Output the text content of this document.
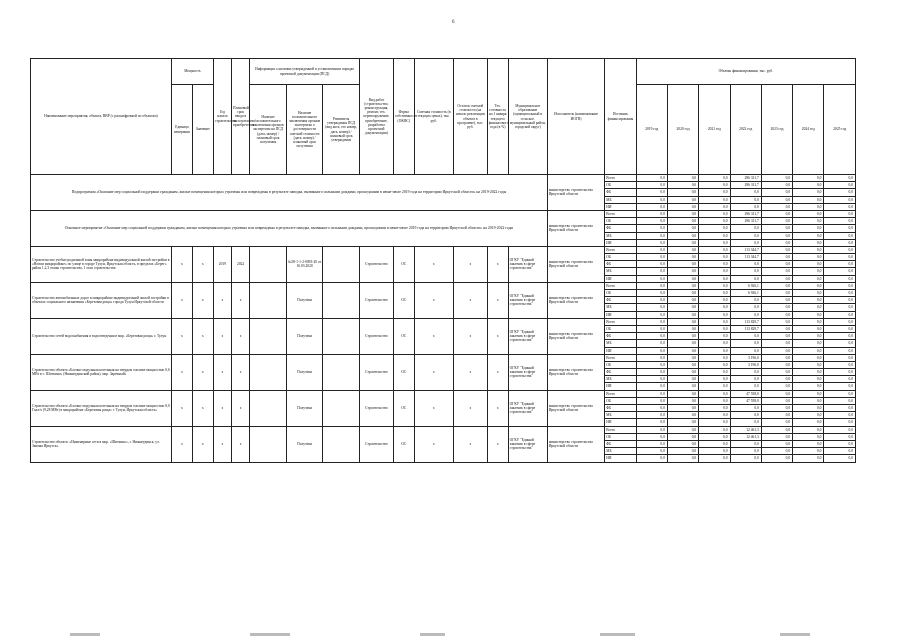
6
Наименование мероприятия, объекта, ВВР (с расшифровкой по объектам)	Мощность		Год начала строительства	Плановый срок ввода в эксплуатацию/приобретения	Информация о наличии утвержденной в установленном порядке проектной документации (ПСД)			Вид работ (строительство, реконструкция, ремонт, тех. перевооружение, приобретение, разработка проектной документации)	Форма собственности (ОКФС)	Сметная стоимость (в текущих ценах), тыс. руб.	Остаток сметной стоимости (на начало реализации объекта в программе), тыс. руб.	Тех. готовность на 1 января текущего финансового года (в %)	Муниципальное образование (муниципальный и сельское, муниципальный район, городской округ)	Исполнитель (наименование ИОГВ)	Источник финансирования	Объемы финансирования, тыс. руб.						
	Единица измерения	Значение			Наличие положительного заключения органов экспертизы на ПСД (дата, номер) / плановый срок получения	Наличие положительного заключения органов экспертизы о достоверности сметной стоимости (дата, номер) / плановый срок получения	Реквизиты утверждения ПСД (вид акта, его номер, дата, номер) / плановый срок утверждения									2019 год	2020 год	2021 год	2022 год	2023 год	2024 год	2025 год
Подпрограмма «Оказание мер социальной поддержки гражданам, жилые помещения которых утрачены или повреждены в результате паводка, вызванного сильными дождями, прошедшими в июне-июле 2019 года на территории Иркутской области» на 2019-2022 годы														министерство строительства Иркутской области	Всего	0,0	0,0	0,0	296 311,7	0,0	0,0	0,0
															ОБ	0,0	0,0	0,0	296 311,7	0,0	0,0	0,0
															ФБ	0,0	0,0	0,0	0,0	0,0	0,0	0,0
															МБ	0,0	0,0	0,0	0,0	0,0	0,0	0,0
															ИИ	0,0	0,0	0,0	0,0	0,0	0,0	0,0
Основное мероприятие «Оказание мер социальной поддержки гражданам, жилые помещения которых утрачены или повреждены в результате паводка, вызванного сильными дождями, прошедшими в июне-июле 2019 года на территории Иркутской области» на 2019-2022 годы														министерство строительства Иркутской области	Всего	0,0	0,0	0,0	296 311,7	0,0	0,0	0,0
															ОБ	0,0	0,0	0,0	296 311,7	0,0	0,0	0,0
															ФБ	0,0	0,0	0,0	0,0	0,0	0,0	0,0
															МБ	0,0	0,0	0,0	0,0	0,0	0,0	0,0
															ИИ	0,0	0,0	0,0	0,0	0,0	0,0	0,0
Строительство учебно-родильной зоны микрорайона индивидуальной жилой застройки в «Новом микрорайоне» по улице в городе Тулун, Иркутская область, в пределах «Берег» район 1,2,3 этапы строительства, 1 этап строительства	х	х	2019	2022		№38-1-1-2-0093-20 от 16.03.2020		Строительство	ОС	х	х	х	ОГКУ "Единый заказчик в сфере строительства"	министерство строительства Иркутской области	Всего	0,0	0,0	0,0	113 344,7	0,0	0,0	0,0
															ОБ	0,0	0,0	0,0	113 344,7	0,0	0,0	0,0
															ФБ	0,0	0,0	0,0	0,0	0,0	0,0	0,0
															МБ	0,0	0,0	0,0	0,0	0,0	0,0	0,0
															ИИ	0,0	0,0	0,0	0,0	0,0	0,0	0,0
Строительство автомобильных дорог в микрорайоне индивидуальной жилой застройки в объектах социального назначения «Березовая роща» города Тулун Иркутской области	х	х	х	х		Получена		Строительство	ОС	х	х	х	ОГКУ "Единый заказчик в сфере строительства"	министерство строительства Иркутской области	Всего	0,0	0,0	0,0	6 926,1	0,0	0,0	0,0
															ОБ	0,0	0,0	0,0	6 926,1	0,0	0,0	0,0
															ФБ	0,0	0,0	0,0	0,0	0,0	0,0	0,0
															МБ	0,0	0,0	0,0	0,0	0,0	0,0	0,0
															ИИ	0,0	0,0	0,0	0,0	0,0	0,0	0,0
Строительство сетей водоснабжения и водоотведения в мкр. «Березовая роща» г. Тулун	х	х	х	х		Получена		Строительство	ОС	х	х	х	ОГКУ "Единый заказчик в сфере строительства"	министерство строительства Иркутской области	Всего	0,0	0,0	0,0	113 829,7	0,0	0,0	0,0
															ОБ	0,0	0,0	0,0	113 829,7	0,0	0,0	0,0
															ФБ	0,0	0,0	0,0	0,0	0,0	0,0	0,0
															МБ	0,0	0,0	0,0	0,0	0,0	0,0	0,0
															ИИ	0,0	0,0	0,0	0,0	0,0	0,0	0,0
Строительство объекта «Блочно-модульная котельная на твердом топливе мощностью 0,6 МВт в с. Шиткино» (Нижнеудинский район), мкр. Заречный»	х	х	х	х		Получена		Строительство	ОС	х	х	х	ОГКУ "Единый заказчик в сфере строительства"	министерство строительства Иркутской области	Всего	0,0	0,0	0,0	3 196,0	0,0	0,0	0,0
															ОБ	0,0	0,0	0,0	3 196,0	0,0	0,0	0,0
															ФБ	0,0	0,0	0,0	0,0	0,0	0,0	0,0
															МБ	0,0	0,0	0,0	0,0	0,0	0,0	0,0
															ИИ	0,0	0,0	0,0	0,0	0,0	0,0	0,0
Строительство объекта «Блочно-модульная котельная на твердом топливе мощностью 8,0 Гкал/ч (9,28 МВт) в микрорайоне «Березовая роща» г. Тулун, Иркутская область»	х	х	х	х		Получена		Строительство	ОС	х	х	х	ОГКУ "Единый заказчик в сфере строительства"	министерство строительства Иркутской области	Всего	0,0	0,0	0,0	47 558,0	0,0	0,0	0,0
															ОБ	0,0	0,0	0,0	47 558,0	0,0	0,0	0,0
															ФБ	0,0	0,0	0,0	0,0	0,0	0,0	0,0
															МБ	0,0	0,0	0,0	0,0	0,0	0,0	0,0
															ИИ	0,0	0,0	0,0	0,0	0,0	0,0	0,0
Строительство объекта: «Инженерные сети в мкр. «Шиткино», г. Нижнеудинск, ул. Заимка Иркутск»	х	х	х	х		Получена		Строительство	ОС	х	х	х	ОГКУ "Единый заказчик в сфере строительства"	министерство строительства Иркутской области	Всего	0,0	0,0	0,0	12 461,3	0,0	0,0	0,0
															ОБ	0,0	0,0	0,0	12 461,3	0,0	0,0	0,0
															ФБ	0,0	0,0	0,0	0,0	0,0	0,0	0,0
															МБ	0,0	0,0	0,0	0,0	0,0	0,0	0,0
															ИИ	0,0	0,0	0,0	0,0	0,0	0,0	0,0
